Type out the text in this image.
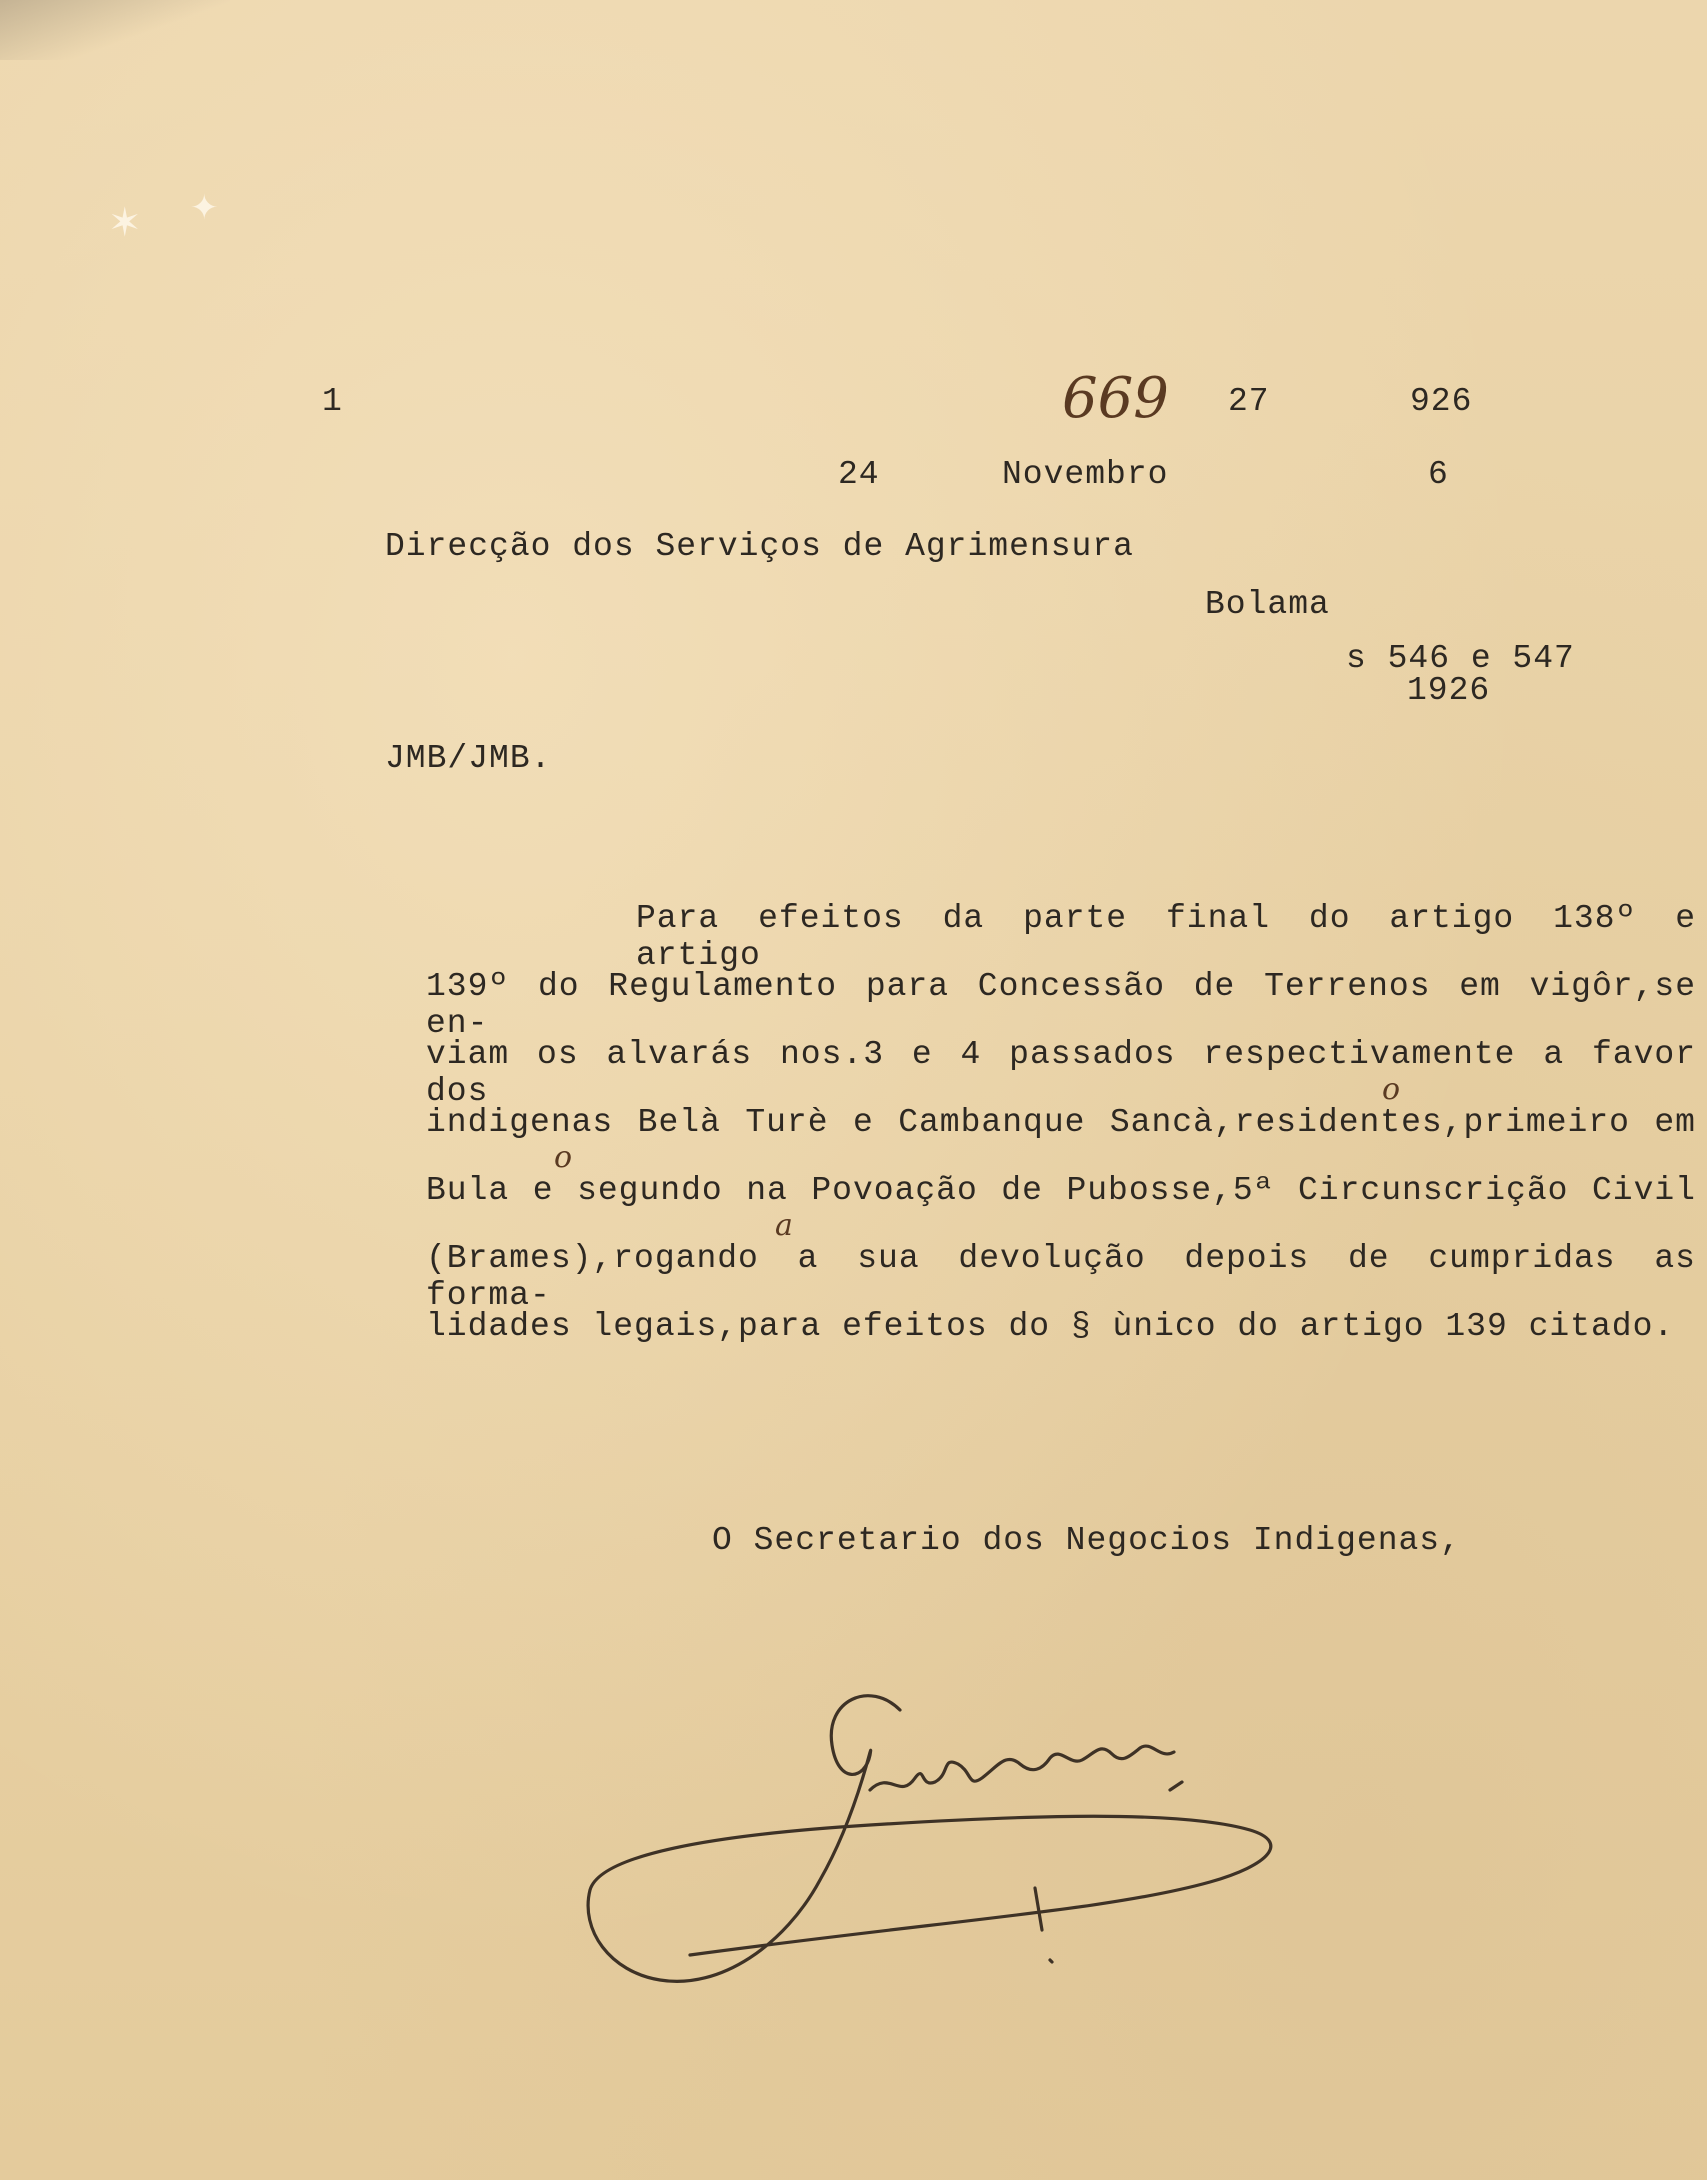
✶ ✦
1	669 27	926
24	Novembro	6
Direcção dos Serviços de Agrimensura
Bolama
s 546 e 547
1926
JMB/JMB.
Para efeitos da parte final do artigo 138º e artigo
139º do Regulamento para Concessão de Terrenos em vigôr,se en-
viam os alvarás nos.3 e 4 passados respectivamente a favor dos
indigenas Belà Turè e Cambanque Sancà,residentes,primeiro em
Bula e segundo na Povoação de Pubosse,5ª Circunscrição Civil
(Brames),rogando a sua devolução depois de cumpridas as forma-
lidades legais,para efeitos do § ùnico do artigo 139 citado.
o
o
a
O Secretario dos Negocios Indigenas,
